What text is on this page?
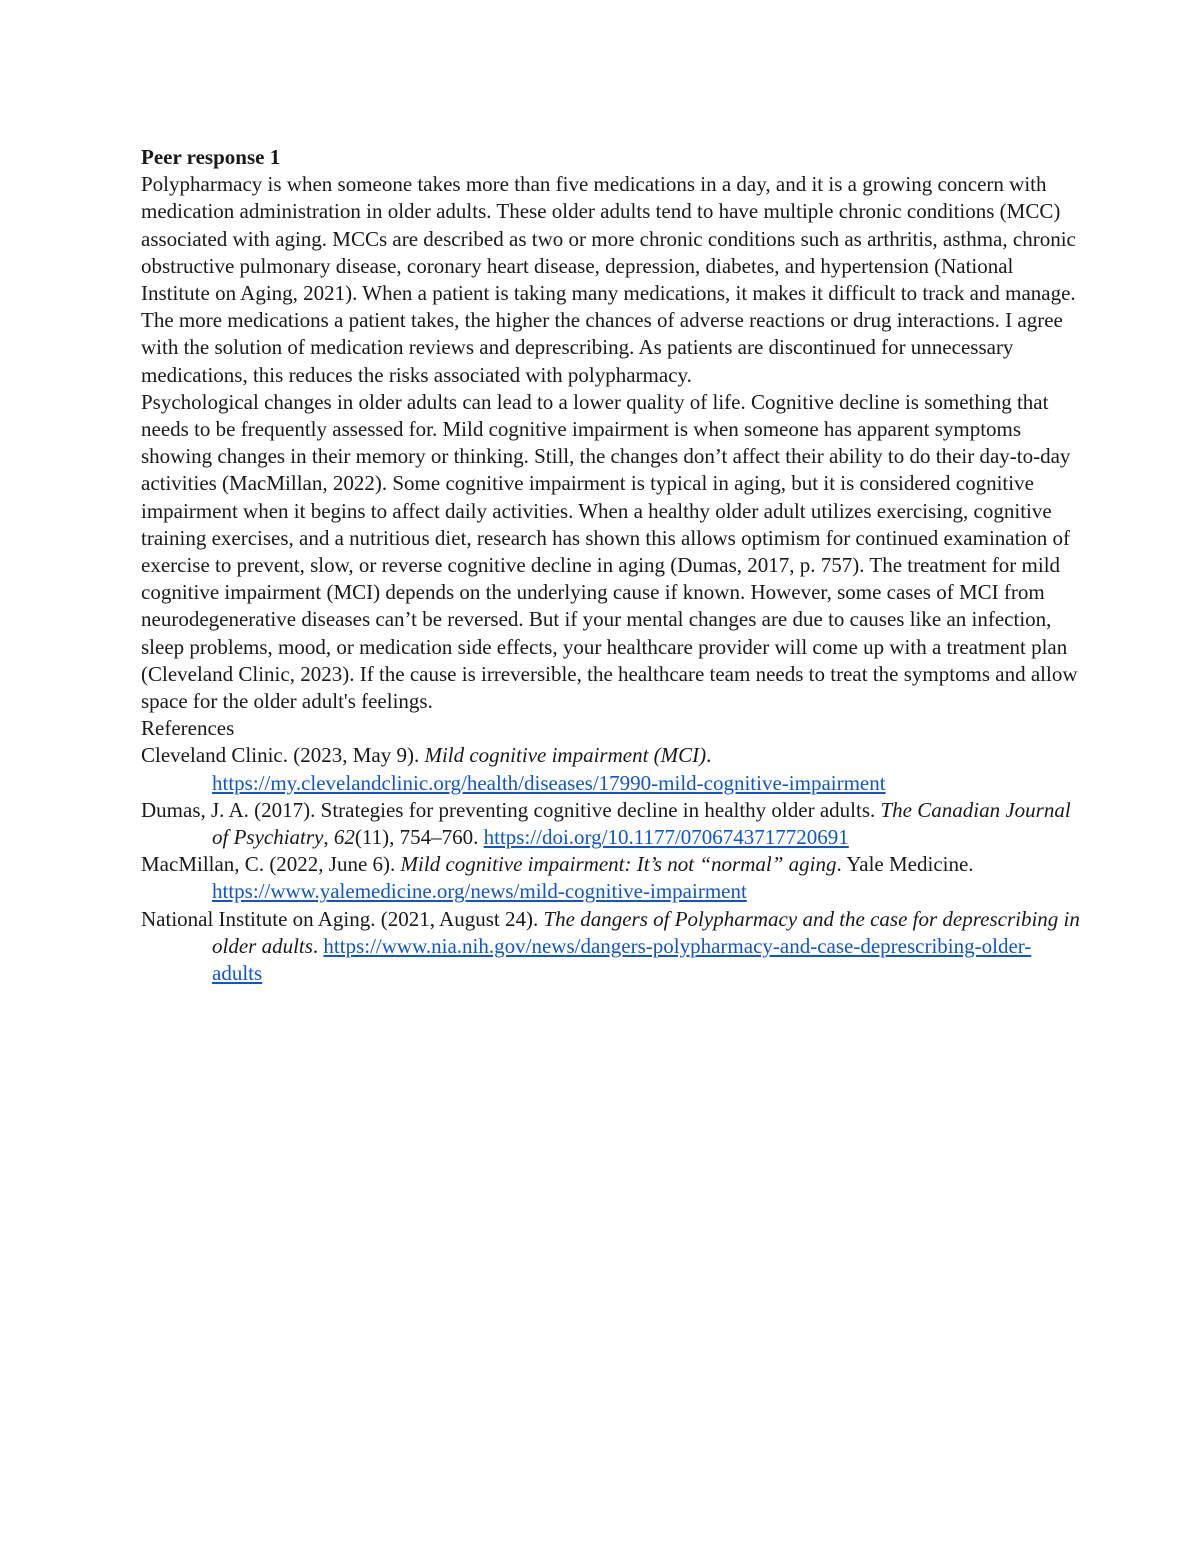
Peer response 1

Polypharmacy is when someone takes more than five medications in a day, and it is a growing concern with medication administration in older adults. These older adults tend to have multiple chronic conditions (MCC) associated with aging. MCCs are described as two or more chronic conditions such as arthritis, asthma, chronic obstructive pulmonary disease, coronary heart disease, depression, diabetes, and hypertension (National Institute on Aging, 2021). When a patient is taking many medications, it makes it difficult to track and manage. The more medications a patient takes, the higher the chances of adverse reactions or drug interactions. I agree with the solution of medication reviews and deprescribing. As patients are discontinued for unnecessary medications, this reduces the risks associated with polypharmacy.

Psychological changes in older adults can lead to a lower quality of life. Cognitive decline is something that needs to be frequently assessed for. Mild cognitive impairment is when someone has apparent symptoms showing changes in their memory or thinking. Still, the changes don’t affect their ability to do their day-to-day activities (MacMillan, 2022). Some cognitive impairment is typical in aging, but it is considered cognitive impairment when it begins to affect daily activities. When a healthy older adult utilizes exercising, cognitive training exercises, and a nutritious diet, research has shown this allows optimism for continued examination of exercise to prevent, slow, or reverse cognitive decline in aging (Dumas, 2017, p. 757). The treatment for mild cognitive impairment (MCI) depends on the underlying cause if known. However, some cases of MCI from neurodegenerative diseases can’t be reversed. But if your mental changes are due to causes like an infection, sleep problems, mood, or medication side effects, your healthcare provider will come up with a treatment plan (Cleveland Clinic, 2023). If the cause is irreversible, the healthcare team needs to treat the symptoms and allow space for the older adult's feelings.

References

Cleveland Clinic. (2023, May 9). Mild cognitive impairment (MCI). https://my.clevelandclinic.org/health/diseases/17990-mild-cognitive-impairment

Dumas, J. A. (2017). Strategies for preventing cognitive decline in healthy older adults. The Canadian Journal of Psychiatry, 62(11), 754–760. https://doi.org/10.1177/0706743717720691

MacMillan, C. (2022, June 6). Mild cognitive impairment: It’s not “normal” aging. Yale Medicine. https://www.yalemedicine.org/news/mild-cognitive-impairment

National Institute on Aging. (2021, August 24). The dangers of Polypharmacy and the case for deprescribing in older adults. https://www.nia.nih.gov/news/dangers-polypharmacy-and-case-deprescribing-older-adults
